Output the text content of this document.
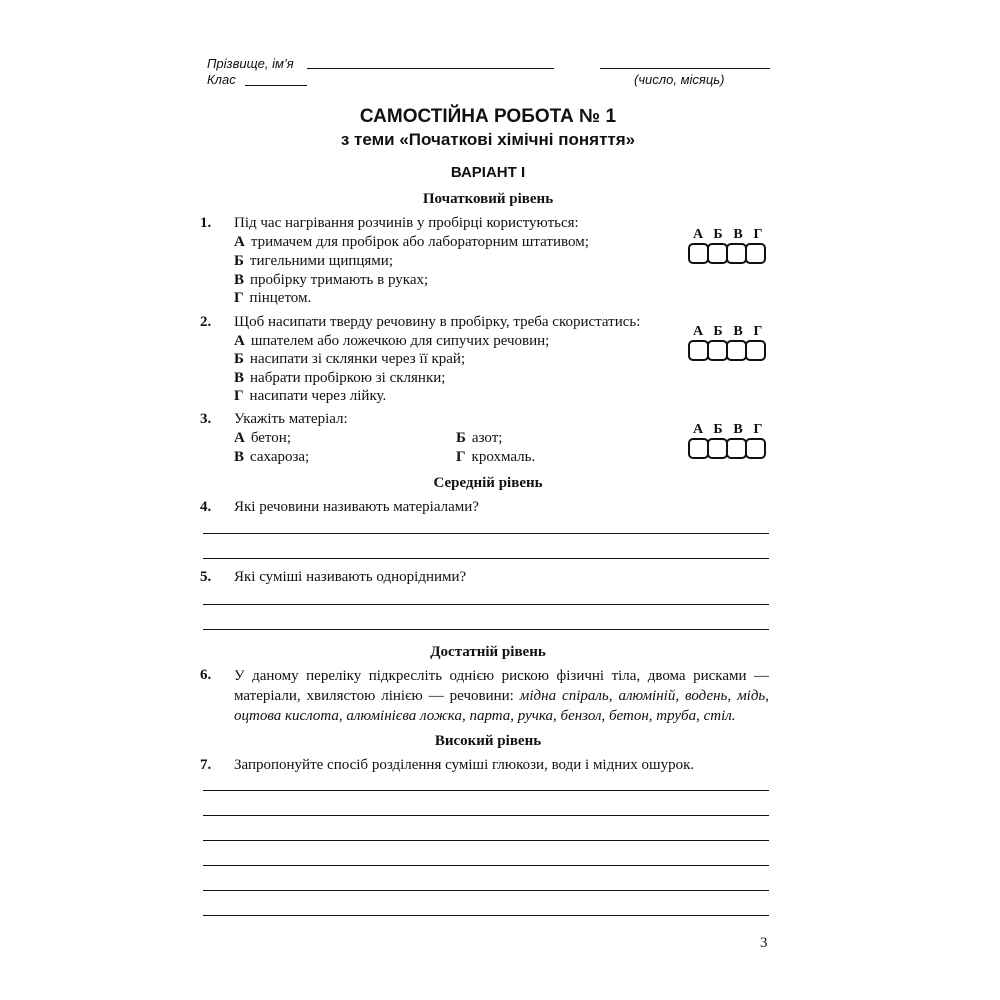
Прізвище, ім’я
Клас	(число, місяць)
САМОСТІЙНА РОБОТА № 1
з теми «Початкові хімічні поняття»
ВАРІАНТ I
Початковий рівень
1. Під час нагрівання розчинів у пробірці користуються:
А тримачем для пробірок або лабораторним штативом;
Б тигельними щипцями;
В пробірку тримають в руках;
Г пінцетом.
А Б В Г
2. Щоб насипати тверду речовину в пробірку, треба скористатись:
А шпателем або ложечкою для сипучих речовин;
Б насипати зі склянки через її край;
В набрати пробіркою зі склянки;
Г насипати через лійку.
А Б В Г
3. Укажіть матеріал:
А бетон;	Б азот;
В сахароза;	Г крохмаль.
А Б В Г
Середній рівень
4. Які речовини називають матеріалами?
5. Які суміші називають однорідними?
Достатній рівень
6. У даному переліку підкресліть однією рискою фізичні тіла, двома рисками — матеріали, хвилястою лінією — речовини: мідна спіраль, алюміній, водень, мідь, оцтова кислота, алюмінієва ложка, парта, ручка, бензол, бетон, труба, стіл.
Високий рівень
7. Запропонуйте спосіб розділення суміші глюкози, води і мідних ошурок.
3
